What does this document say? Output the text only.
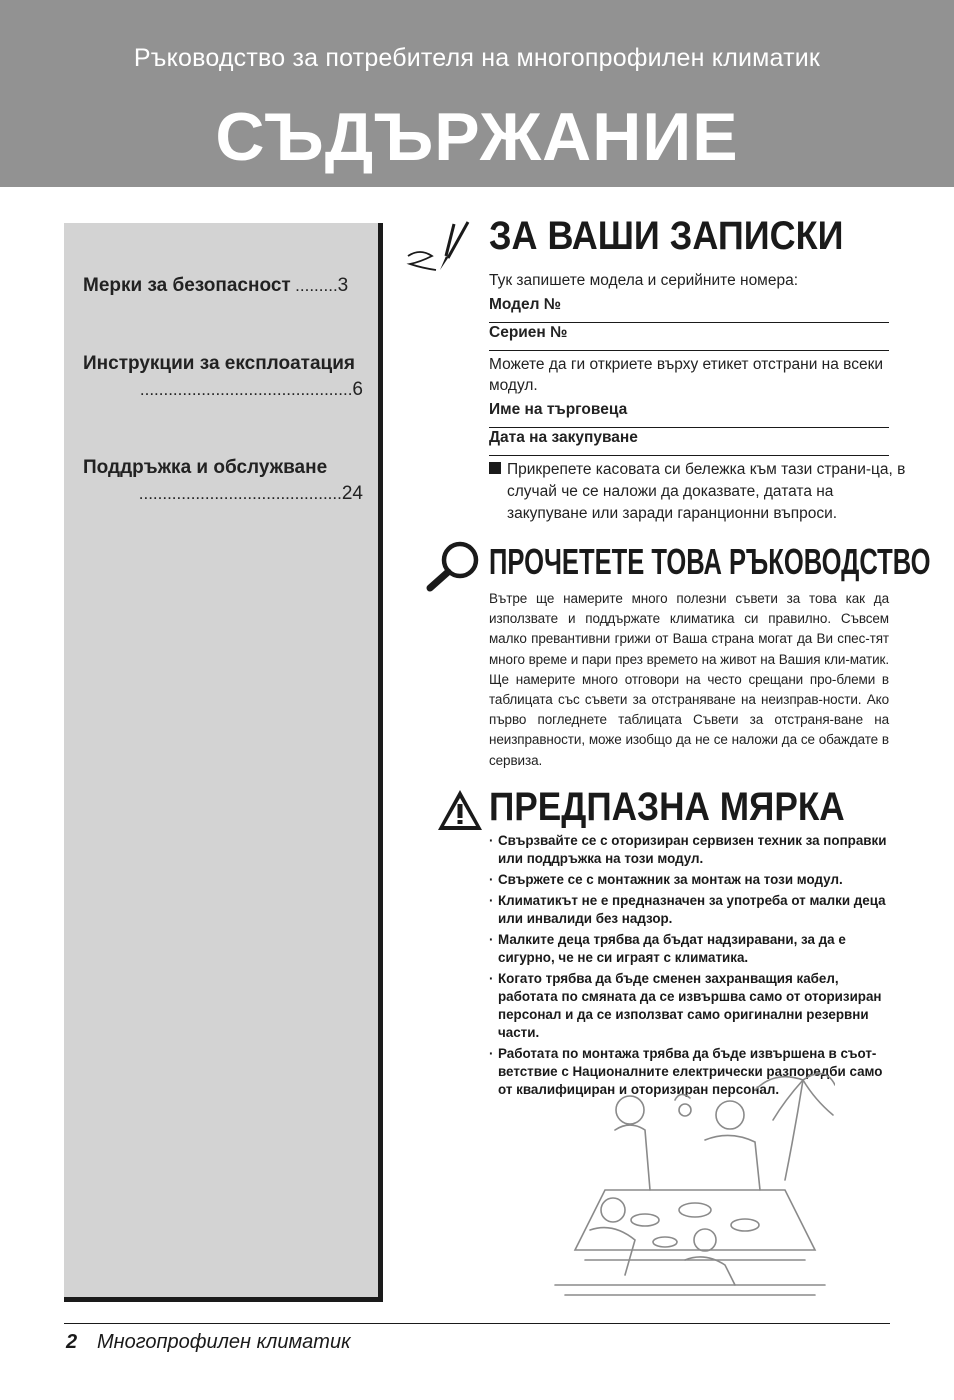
Ръководство за потребителя на многопрофилен климатик
СЪДЪРЖАНИЕ
Мерки за безопасност .........3
Инструкции за експлоатация
.............................................6
Поддръжка и обслужване
...........................................24
ЗА ВАШИ ЗАПИСКИ
Тук запишете модела и серийните номера:
Модел №
Сериен №
Можете да ги откриете върху етикет отстрани на всеки модул.
Име на търговеца
Дата на закупуване
Прикрепете касовата си бележка към тази страни-ца, в случай че се наложи да доказвате, датата на закупуване или заради гаранционни въпроси.
ПРОЧЕТЕТЕ ТОВА РЪКОВОДСТВО
Вътре ще намерите много полезни съвети за това как да използвате и поддържате климатика си правилно. Съвсем малко превантивни грижи от Ваша страна могат да Ви спес-тят много време и пари през времето на живот на Вашия кли-матик. Ще намерите много отговори на често срещани про-блеми в таблицата със съвети за отстраняване на неизправ-ности. Ако първо погледнете таблицата Съвети за отстраня-ване на неизправности, може изобщо да не се наложи да се обаждате в сервиза.
ПРЕДПАЗНА МЯРКА
· Свързвайте се с оторизиран сервизен техник за поправки или поддръжка на този модул.
· Свържете се с монтажник за монтаж на този модул.
· Климатикът не е предназначен за употреба от малки деца или инвалиди без надзор.
· Малките деца трябва да бъдат надзиравани, за да е сигурно, че не си играят с климатика.
· Когато трябва да бъде сменен захранващия кабел, работата по смяната да се извършва само от оторизиран персонал и да се използват само оригинални резервни части.
· Работата по монтажа трябва да бъде извършена в съот-ветствие с Националните електрически разпоредби само от квалифициран и оторизиран персонал.
2 Многопрофилен климатик
